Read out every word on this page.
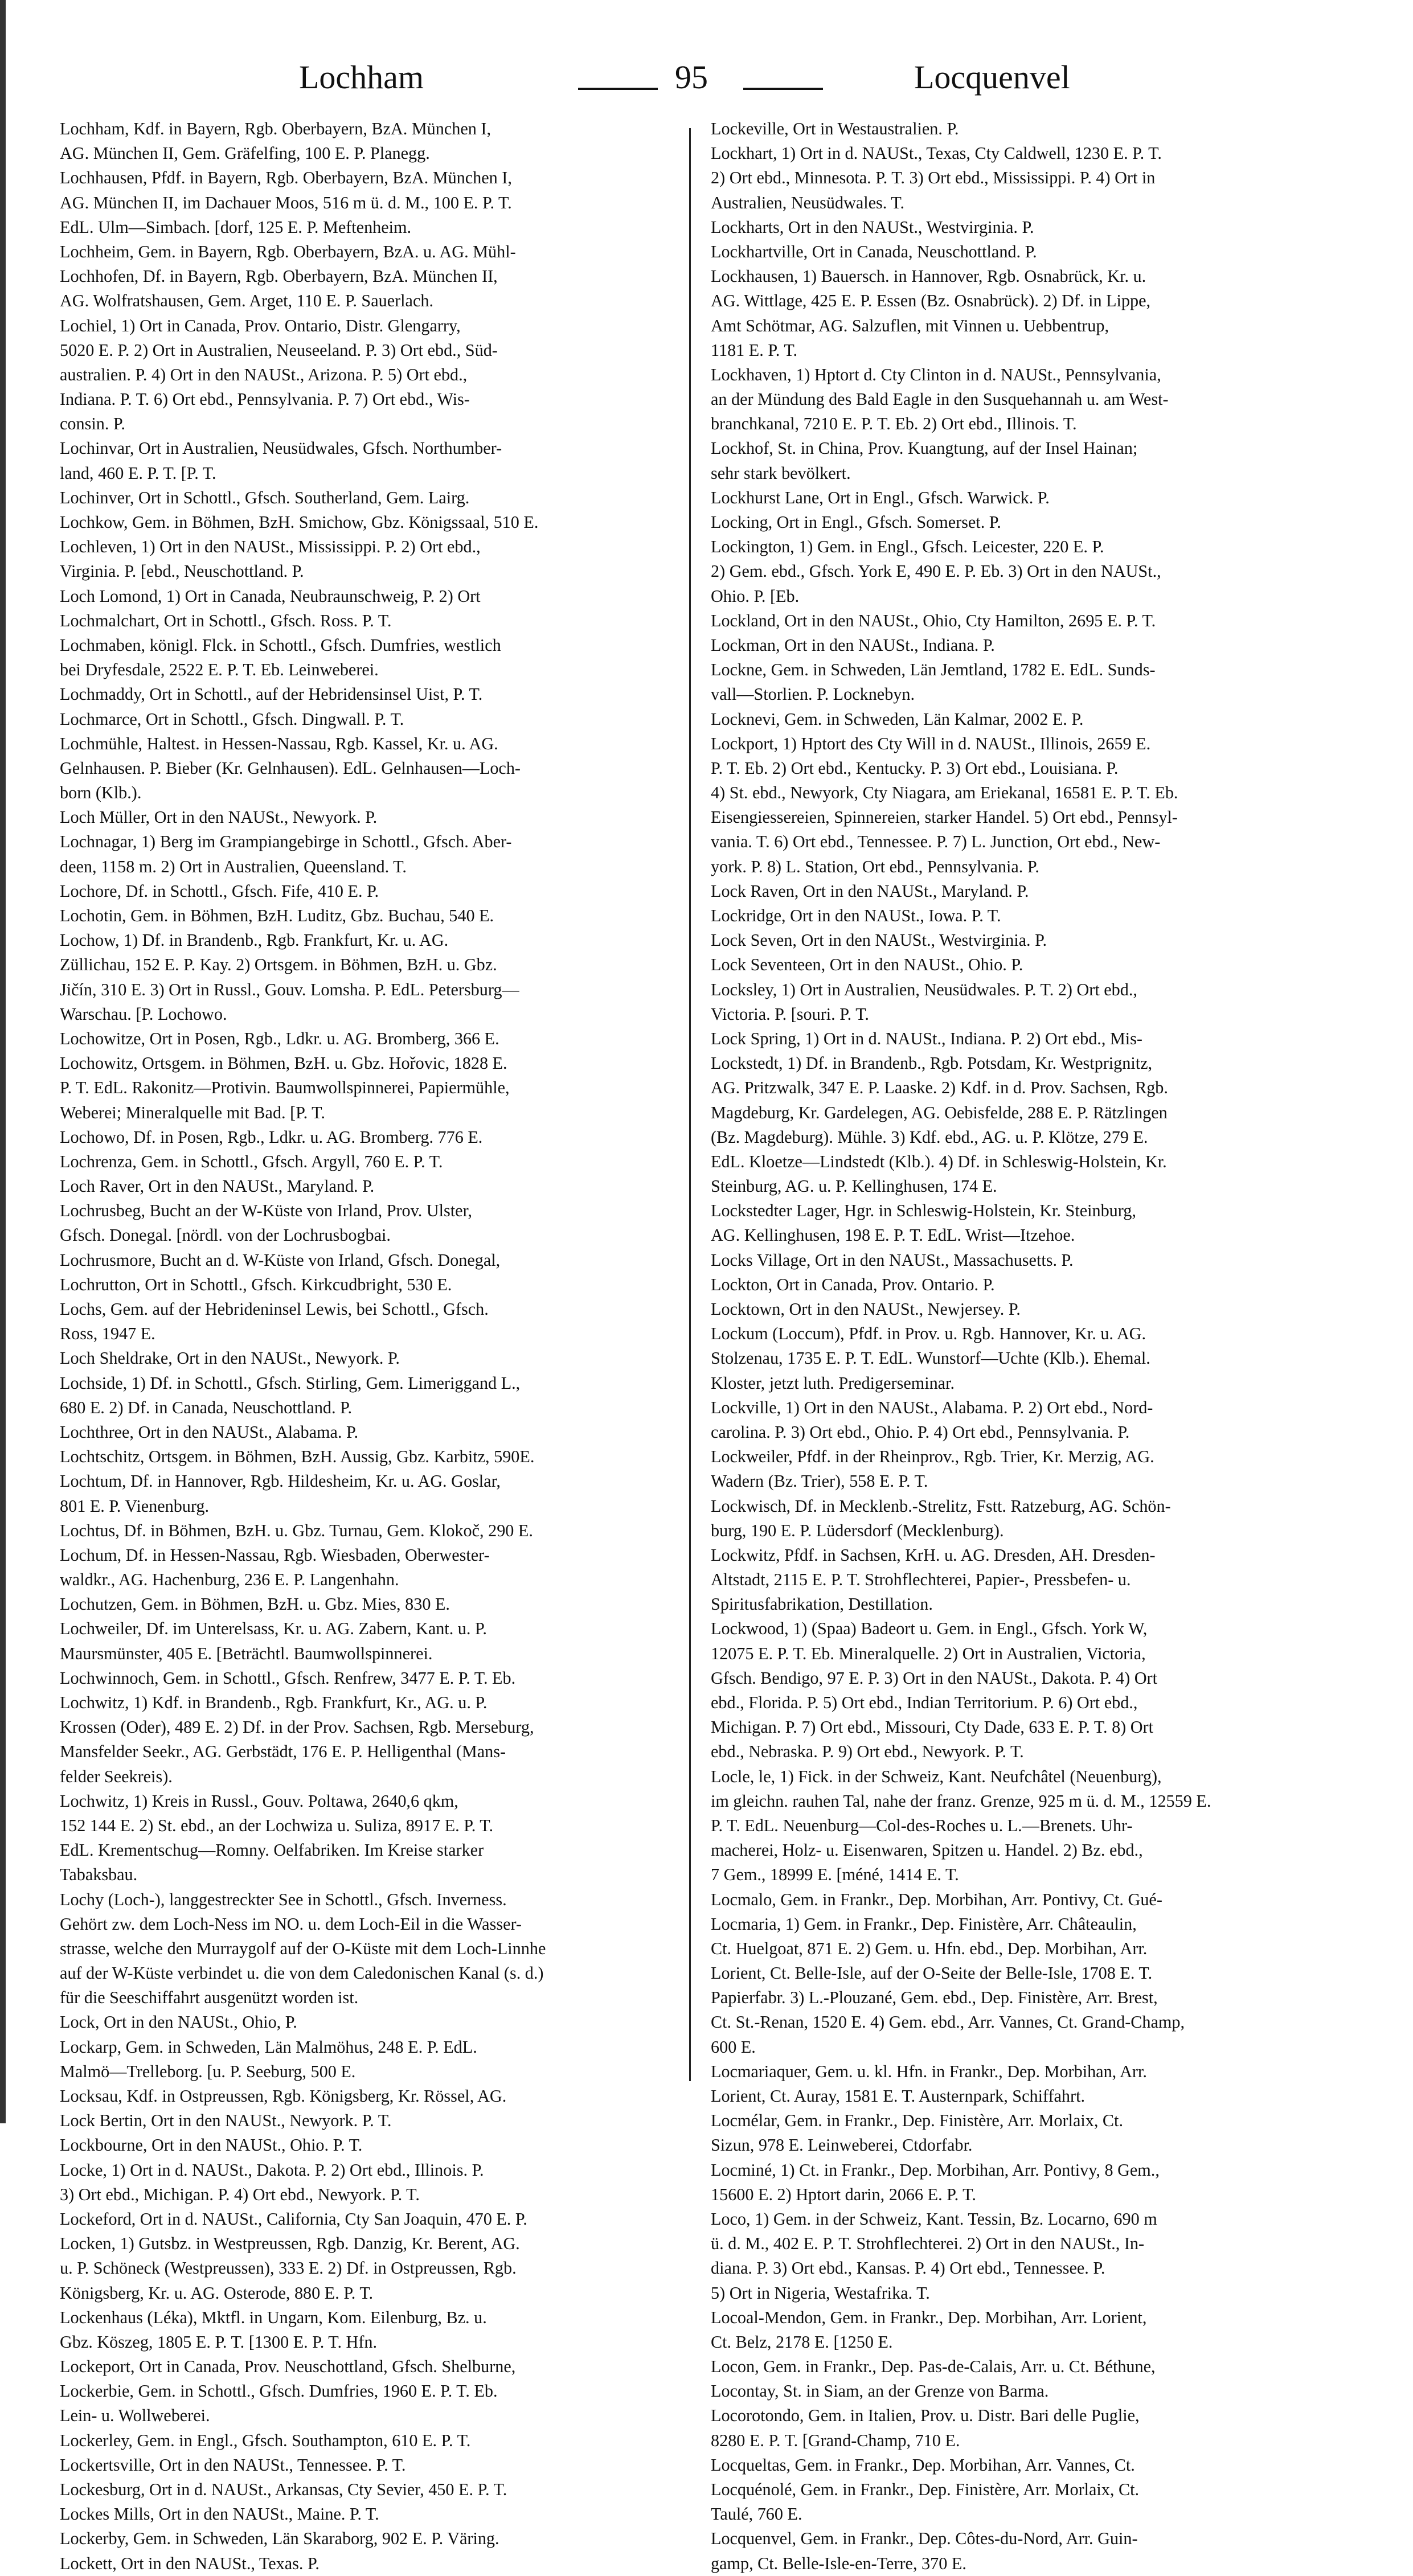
Lochham	95	Locquenvel
Lochham, Kdf. in Bayern, Rgb. Oberbayern, BzA. München I,
AG. München II, Gem. Gräfelfing, 100 E. P. Planegg.
Lochhausen, Pfdf. in Bayern, Rgb. Oberbayern, BzA. München I,
AG. München II, im Dachauer Moos, 516 m ü. d. M., 100 E. P. T.
EdL. Ulm—Simbach. [dorf, 125 E. P. Meftenheim.
Lochheim, Gem. in Bayern, Rgb. Oberbayern, BzA. u. AG. Mühl-
Lochhofen, Df. in Bayern, Rgb. Oberbayern, BzA. München II,
AG. Wolfratshausen, Gem. Arget, 110 E. P. Sauerlach.
Lochiel, 1) Ort in Canada, Prov. Ontario, Distr. Glengarry,
5020 E. P. 2) Ort in Australien, Neuseeland. P. 3) Ort ebd., Süd-
australien. P. 4) Ort in den NAUSt., Arizona. P. 5) Ort ebd.,
Indiana. P. T. 6) Ort ebd., Pennsylvania. P. 7) Ort ebd., Wis-
consin. P.
Lochinvar, Ort in Australien, Neusüdwales, Gfsch. Northumber-
land, 460 E. P. T. [P. T.
Lochinver, Ort in Schottl., Gfsch. Southerland, Gem. Lairg.
Lochkow, Gem. in Böhmen, BzH. Smichow, Gbz. Königssaal, 510 E.
Lochleven, 1) Ort in den NAUSt., Mississippi. P. 2) Ort ebd.,
Virginia. P. [ebd., Neuschottland. P.
Loch Lomond, 1) Ort in Canada, Neubraunschweig, P. 2) Ort
Lochmalchart, Ort in Schottl., Gfsch. Ross. P. T.
Lochmaben, königl. Flck. in Schottl., Gfsch. Dumfries, westlich
bei Dryfesdale, 2522 E. P. T. Eb. Leinweberei.
Lochmaddy, Ort in Schottl., auf der Hebridensinsel Uist, P. T.
Lochmarce, Ort in Schottl., Gfsch. Dingwall. P. T.
Lochmühle, Haltest. in Hessen-Nassau, Rgb. Kassel, Kr. u. AG.
Gelnhausen. P. Bieber (Kr. Gelnhausen). EdL. Gelnhausen—Loch-
born (Klb.).
Loch Müller, Ort in den NAUSt., Newyork. P.
Lochnagar, 1) Berg im Grampiangebirge in Schottl., Gfsch. Aber-
deen, 1158 m. 2) Ort in Australien, Queensland. T.
Lochore, Df. in Schottl., Gfsch. Fife, 410 E. P.
Lochotin, Gem. in Böhmen, BzH. Luditz, Gbz. Buchau, 540 E.
Lochow, 1) Df. in Brandenb., Rgb. Frankfurt, Kr. u. AG.
Züllichau, 152 E. P. Kay. 2) Ortsgem. in Böhmen, BzH. u. Gbz.
Jičín, 310 E. 3) Ort in Russl., Gouv. Lomsha. P. EdL. Petersburg—
Warschau. [P. Lochowo.
Lochowitze, Ort in Posen, Rgb., Ldkr. u. AG. Bromberg, 366 E.
Lochowitz, Ortsgem. in Böhmen, BzH. u. Gbz. Hořovic, 1828 E.
P. T. EdL. Rakonitz—Protivin. Baumwollspinnerei, Papiermühle,
Weberei; Mineralquelle mit Bad. [P. T.
Lochowo, Df. in Posen, Rgb., Ldkr. u. AG. Bromberg. 776 E.
Lochrenza, Gem. in Schottl., Gfsch. Argyll, 760 E. P. T.
Loch Raver, Ort in den NAUSt., Maryland. P.
Lochrusbeg, Bucht an der W-Küste von Irland, Prov. Ulster,
Gfsch. Donegal. [nördl. von der Lochrusbogbai.
Lochrusmore, Bucht an d. W-Küste von Irland, Gfsch. Donegal,
Lochrutton, Ort in Schottl., Gfsch. Kirkcudbright, 530 E.
Lochs, Gem. auf der Hebrideninsel Lewis, bei Schottl., Gfsch.
Ross, 1947 E.
Loch Sheldrake, Ort in den NAUSt., Newyork. P.
Lochside, 1) Df. in Schottl., Gfsch. Stirling, Gem. Limeriggand L.,
680 E. 2) Df. in Canada, Neuschottland. P.
Lochthree, Ort in den NAUSt., Alabama. P.
Lochtschitz, Ortsgem. in Böhmen, BzH. Aussig, Gbz. Karbitz, 590E.
Lochtum, Df. in Hannover, Rgb. Hildesheim, Kr. u. AG. Goslar,
801 E. P. Vienenburg.
Lochtus, Df. in Böhmen, BzH. u. Gbz. Turnau, Gem. Klokoč, 290 E.
Lochum, Df. in Hessen-Nassau, Rgb. Wiesbaden, Oberwester-
waldkr., AG. Hachenburg, 236 E. P. Langenhahn.
Lochutzen, Gem. in Böhmen, BzH. u. Gbz. Mies, 830 E.
Lochweiler, Df. im Unterelsass, Kr. u. AG. Zabern, Kant. u. P.
Maursmünster, 405 E. [Beträchtl. Baumwollspinnerei.
Lochwinnoch, Gem. in Schottl., Gfsch. Renfrew, 3477 E. P. T. Eb.
Lochwitz, 1) Kdf. in Brandenb., Rgb. Frankfurt, Kr., AG. u. P.
Krossen (Oder), 489 E. 2) Df. in der Prov. Sachsen, Rgb. Merseburg,
Mansfelder Seekr., AG. Gerbstädt, 176 E. P. Helligenthal (Mans-
felder Seekreis).
Lochwitz, 1) Kreis in Russl., Gouv. Poltawa, 2640,6 qkm,
152 144 E. 2) St. ebd., an der Lochwiza u. Suliza, 8917 E. P. T.
EdL. Krementschug—Romny. Oelfabriken. Im Kreise starker
Tabaksbau.
Lochy (Loch-), langgestreckter See in Schottl., Gfsch. Inverness.
Gehört zw. dem Loch-Ness im NO. u. dem Loch-Eil in die Wasser-
strasse, welche den Murraygolf auf der O-Küste mit dem Loch-Linnhe
auf der W-Küste verbindet u. die von dem Caledonischen Kanal (s. d.)
für die Seeschiffahrt ausgenützt worden ist.
Lock, Ort in den NAUSt., Ohio, P.
Lockarp, Gem. in Schweden, Län Malmöhus, 248 E. P. EdL.
Malmö—Trelleborg. [u. P. Seeburg, 500 E.
Locksau, Kdf. in Ostpreussen, Rgb. Königsberg, Kr. Rössel, AG.
Lock Bertin, Ort in den NAUSt., Newyork. P. T.
Lockbourne, Ort in den NAUSt., Ohio. P. T.
Locke, 1) Ort in d. NAUSt., Dakota. P. 2) Ort ebd., Illinois. P.
3) Ort ebd., Michigan. P. 4) Ort ebd., Newyork. P. T.
Lockeford, Ort in d. NAUSt., California, Cty San Joaquin, 470 E. P.
Locken, 1) Gutsbz. in Westpreussen, Rgb. Danzig, Kr. Berent, AG.
u. P. Schöneck (Westpreussen), 333 E. 2) Df. in Ostpreussen, Rgb.
Königsberg, Kr. u. AG. Osterode, 880 E. P. T.
Lockenhaus (Léka), Mktfl. in Ungarn, Kom. Eilenburg, Bz. u.
Gbz. Köszeg, 1805 E. P. T. [1300 E. P. T. Hfn.
Lockeport, Ort in Canada, Prov. Neuschottland, Gfsch. Shelburne,
Lockerbie, Gem. in Schottl., Gfsch. Dumfries, 1960 E. P. T. Eb.
Lein- u. Wollweberei.
Lockerley, Gem. in Engl., Gfsch. Southampton, 610 E. P. T.
Lockertsville, Ort in den NAUSt., Tennessee. P. T.
Lockesburg, Ort in d. NAUSt., Arkansas, Cty Sevier, 450 E. P. T.
Lockes Mills, Ort in den NAUSt., Maine. P. T.
Lockerby, Gem. in Schweden, Län Skaraborg, 902 E. P. Väring.
Lockett, Ort in den NAUSt., Texas. P.
Lockeville, Ort in Westaustralien. P.
Lockhart, 1) Ort in d. NAUSt., Texas, Cty Caldwell, 1230 E. P. T.
2) Ort ebd., Minnesota. P. T. 3) Ort ebd., Mississippi. P. 4) Ort in
Australien, Neusüdwales. T.
Lockharts, Ort in den NAUSt., Westvirginia. P.
Lockhartville, Ort in Canada, Neuschottland. P.
Lockhausen, 1) Bauersch. in Hannover, Rgb. Osnabrück, Kr. u.
AG. Wittlage, 425 E. P. Essen (Bz. Osnabrück). 2) Df. in Lippe,
Amt Schötmar, AG. Salzuflen, mit Vinnen u. Uebbentrup,
1181 E. P. T.
Lockhaven, 1) Hptort d. Cty Clinton in d. NAUSt., Pennsylvania,
an der Mündung des Bald Eagle in den Susquehannah u. am West-
branchkanal, 7210 E. P. T. Eb. 2) Ort ebd., Illinois. T.
Lockhof, St. in China, Prov. Kuangtung, auf der Insel Hainan;
sehr stark bevölkert.
Lockhurst Lane, Ort in Engl., Gfsch. Warwick. P.
Locking, Ort in Engl., Gfsch. Somerset. P.
Lockington, 1) Gem. in Engl., Gfsch. Leicester, 220 E. P.
2) Gem. ebd., Gfsch. York E, 490 E. P. Eb. 3) Ort in den NAUSt.,
Ohio. P. [Eb.
Lockland, Ort in den NAUSt., Ohio, Cty Hamilton, 2695 E. P. T.
Lockman, Ort in den NAUSt., Indiana. P.
Lockne, Gem. in Schweden, Län Jemtland, 1782 E. EdL. Sunds-
vall—Storlien. P. Locknebyn.
Locknevi, Gem. in Schweden, Län Kalmar, 2002 E. P.
Lockport, 1) Hptort des Cty Will in d. NAUSt., Illinois, 2659 E.
P. T. Eb. 2) Ort ebd., Kentucky. P. 3) Ort ebd., Louisiana. P.
4) St. ebd., Newyork, Cty Niagara, am Eriekanal, 16581 E. P. T. Eb.
Eisengiessereien, Spinnereien, starker Handel. 5) Ort ebd., Pennsyl-
vania. T. 6) Ort ebd., Tennessee. P. 7) L. Junction, Ort ebd., New-
york. P. 8) L. Station, Ort ebd., Pennsylvania. P.
Lock Raven, Ort in den NAUSt., Maryland. P.
Lockridge, Ort in den NAUSt., Iowa. P. T.
Lock Seven, Ort in den NAUSt., Westvirginia. P.
Lock Seventeen, Ort in den NAUSt., Ohio. P.
Locksley, 1) Ort in Australien, Neusüdwales. P. T. 2) Ort ebd.,
Victoria. P. [souri. P. T.
Lock Spring, 1) Ort in d. NAUSt., Indiana. P. 2) Ort ebd., Mis-
Lockstedt, 1) Df. in Brandenb., Rgb. Potsdam, Kr. Westprignitz,
AG. Pritzwalk, 347 E. P. Laaske. 2) Kdf. in d. Prov. Sachsen, Rgb.
Magdeburg, Kr. Gardelegen, AG. Oebisfelde, 288 E. P. Rätzlingen
(Bz. Magdeburg). Mühle. 3) Kdf. ebd., AG. u. P. Klötze, 279 E.
EdL. Kloetze—Lindstedt (Klb.). 4) Df. in Schleswig-Holstein, Kr.
Steinburg, AG. u. P. Kellinghusen, 174 E.
Lockstedter Lager, Hgr. in Schleswig-Holstein, Kr. Steinburg,
AG. Kellinghusen, 198 E. P. T. EdL. Wrist—Itzehoe.
Locks Village, Ort in den NAUSt., Massachusetts. P.
Lockton, Ort in Canada, Prov. Ontario. P.
Locktown, Ort in den NAUSt., Newjersey. P.
Lockum (Loccum), Pfdf. in Prov. u. Rgb. Hannover, Kr. u. AG.
Stolzenau, 1735 E. P. T. EdL. Wunstorf—Uchte (Klb.). Ehemal.
Kloster, jetzt luth. Predigerseminar.
Lockville, 1) Ort in den NAUSt., Alabama. P. 2) Ort ebd., Nord-
carolina. P. 3) Ort ebd., Ohio. P. 4) Ort ebd., Pennsylvania. P.
Lockweiler, Pfdf. in der Rheinprov., Rgb. Trier, Kr. Merzig, AG.
Wadern (Bz. Trier), 558 E. P. T.
Lockwisch, Df. in Mecklenb.-Strelitz, Fstt. Ratzeburg, AG. Schön-
burg, 190 E. P. Lüdersdorf (Mecklenburg).
Lockwitz, Pfdf. in Sachsen, KrH. u. AG. Dresden, AH. Dresden-
Altstadt, 2115 E. P. T. Strohflechterei, Papier-, Pressbefen- u.
Spiritusfabrikation, Destillation.
Lockwood, 1) (Spaa) Badeort u. Gem. in Engl., Gfsch. York W,
12075 E. P. T. Eb. Mineralquelle. 2) Ort in Australien, Victoria,
Gfsch. Bendigo, 97 E. P. 3) Ort in den NAUSt., Dakota. P. 4) Ort
ebd., Florida. P. 5) Ort ebd., Indian Territorium. P. 6) Ort ebd.,
Michigan. P. 7) Ort ebd., Missouri, Cty Dade, 633 E. P. T. 8) Ort
ebd., Nebraska. P. 9) Ort ebd., Newyork. P. T.
Locle, le, 1) Fick. in der Schweiz, Kant. Neufchâtel (Neuenburg),
im gleichn. rauhen Tal, nahe der franz. Grenze, 925 m ü. d. M., 12559 E.
P. T. EdL. Neuenburg—Col-des-Roches u. L.—Brenets. Uhr-
macherei, Holz- u. Eisenwaren, Spitzen u. Handel. 2) Bz. ebd.,
7 Gem., 18999 E. [méné, 1414 E. T.
Locmalo, Gem. in Frankr., Dep. Morbihan, Arr. Pontivy, Ct. Gué-
Locmaria, 1) Gem. in Frankr., Dep. Finistère, Arr. Châteaulin,
Ct. Huelgoat, 871 E. 2) Gem. u. Hfn. ebd., Dep. Morbihan, Arr.
Lorient, Ct. Belle-Isle, auf der O-Seite der Belle-Isle, 1708 E. T.
Papierfabr. 3) L.-Plouzané, Gem. ebd., Dep. Finistère, Arr. Brest,
Ct. St.-Renan, 1520 E. 4) Gem. ebd., Arr. Vannes, Ct. Grand-Champ,
600 E.
Locmariaquer, Gem. u. kl. Hfn. in Frankr., Dep. Morbihan, Arr.
Lorient, Ct. Auray, 1581 E. T. Austernpark, Schiffahrt.
Locmélar, Gem. in Frankr., Dep. Finistère, Arr. Morlaix, Ct.
Sizun, 978 E. Leinweberei, Ctdorfabr.
Locminé, 1) Ct. in Frankr., Dep. Morbihan, Arr. Pontivy, 8 Gem.,
15600 E. 2) Hptort darin, 2066 E. P. T.
Loco, 1) Gem. in der Schweiz, Kant. Tessin, Bz. Locarno, 690 m
ü. d. M., 402 E. P. T. Strohflechterei. 2) Ort in den NAUSt., In-
diana. P. 3) Ort ebd., Kansas. P. 4) Ort ebd., Tennessee. P.
5) Ort in Nigeria, Westafrika. T.
Locoal-Mendon, Gem. in Frankr., Dep. Morbihan, Arr. Lorient,
Ct. Belz, 2178 E. [1250 E.
Locon, Gem. in Frankr., Dep. Pas-de-Calais, Arr. u. Ct. Béthune,
Locontay, St. in Siam, an der Grenze von Barma.
Locorotondo, Gem. in Italien, Prov. u. Distr. Bari delle Puglie,
8280 E. P. T. [Grand-Champ, 710 E.
Locqueltas, Gem. in Frankr., Dep. Morbihan, Arr. Vannes, Ct.
Locquénolé, Gem. in Frankr., Dep. Finistère, Arr. Morlaix, Ct.
Taulé, 760 E.
Locquenvel, Gem. in Frankr., Dep. Côtes-du-Nord, Arr. Guin-
gamp, Ct. Belle-Isle-en-Terre, 370 E.
